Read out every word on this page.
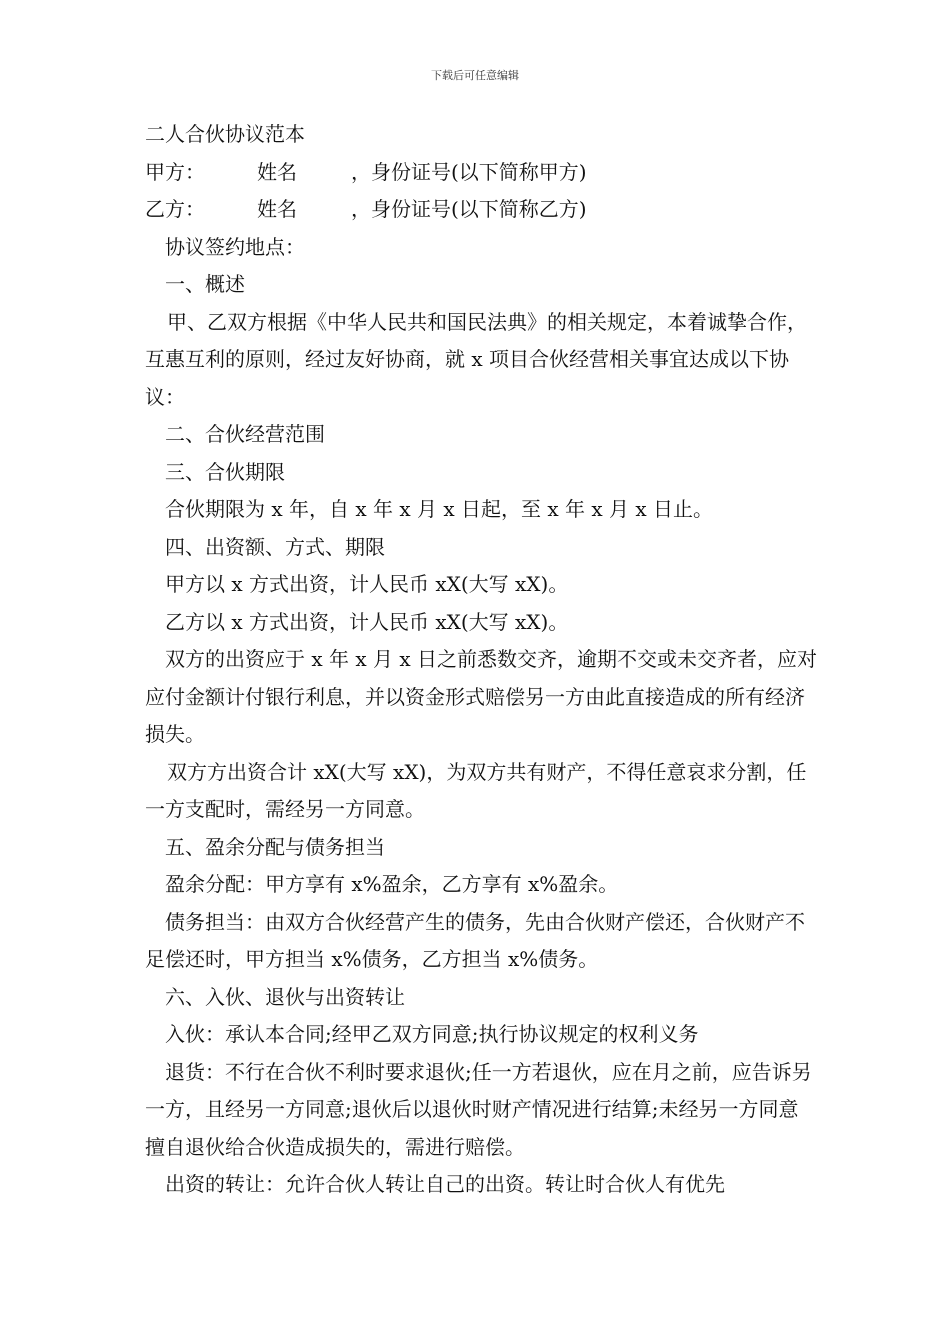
下载后可任意编辑

二人合伙协议范本

甲方：	姓名	，身份证号(以下简称甲方)

乙方：	姓名	，身份证号(以下简称乙方)

协议签约地点：

一、概述

甲、乙双方根据《中华人民共和国民法典》的相关规定，本着诚挚合作，互惠互利的原则，经过友好协商，就 x 项目合伙经营相关事宜达成以下协议：

二、合伙经营范围

三、合伙期限

合伙期限为 x 年，自 x 年 x 月 x 日起，至 x 年 x 月 x 日止。

四、出资额、方式、期限

甲方以 x 方式出资，计人民币 xX(大写 xX)。

乙方以 x 方式出资，计人民币 xX(大写 xX)。

双方的出资应于 x 年 x 月 x 日之前悉数交齐，逾期不交或未交齐者，应对应付金额计付银行利息，并以资金形式赔偿另一方由此直接造成的所有经济损失。

双方方出资合计 xX(大写 xX)，为双方共有财产，不得任意哀求分割，任一方支配时，需经另一方同意。

五、盈余分配与债务担当

盈余分配：甲方享有 x%盈余，乙方享有 x%盈余。

债务担当：由双方合伙经营产生的债务，先由合伙财产偿还，合伙财产不足偿还时，甲方担当 x%债务，乙方担当 x%债务。

六、入伙、退伙与出资转让

入伙：承认本合同;经甲乙双方同意;执行协议规定的权利义务

退货：不行在合伙不利时要求退伙;任一方若退伙，应在月之前，应告诉另一方，且经另一方同意;退伙后以退伙时财产情况进行结算;未经另一方同意擅自退伙给合伙造成损失的，需进行赔偿。

出资的转让：允许合伙人转让自己的出资。转让时合伙人有优先
